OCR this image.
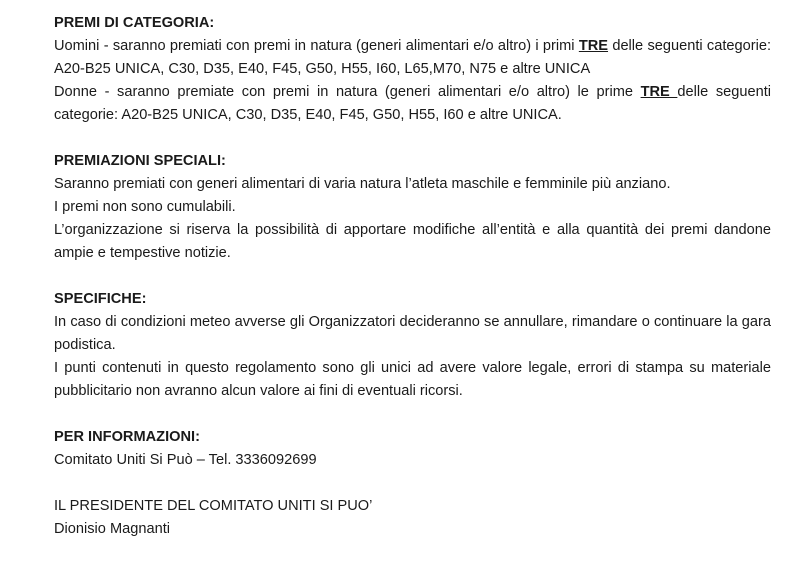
PREMI DI CATEGORIA:

Uomini - saranno premiati con premi in natura (generi alimentari e/o altro) i primi TRE delle seguenti categorie: A20-B25 UNICA, C30, D35, E40, F45, G50, H55, I60, L65,M70, N75 e altre UNICA

Donne - saranno premiate con premi in natura (generi alimentari e/o altro) le prime TRE delle seguenti categorie: A20-B25 UNICA, C30, D35, E40, F45, G50, H55, I60 e altre UNICA.

PREMIAZIONI SPECIALI:

Saranno premiati con generi alimentari di varia natura l’atleta maschile e femminile più anziano.

I premi non sono cumulabili.

L’organizzazione si riserva la possibilità di apportare modifiche all’entità e alla quantità dei premi dandone ampie e tempestive notizie.

SPECIFICHE:

In caso di condizioni meteo avverse gli Organizzatori decideranno se annullare, rimandare o continuare la gara podistica.

I punti contenuti in questo regolamento sono gli unici ad avere valore legale, errori di stampa su materiale pubblicitario non avranno alcun valore ai fini di eventuali ricorsi.

PER INFORMAZIONI:
Comitato Uniti Si Può – Tel. 3336092699
IL PRESIDENTE DEL COMITATO UNITI SI PUO’
Dionisio Magnanti
